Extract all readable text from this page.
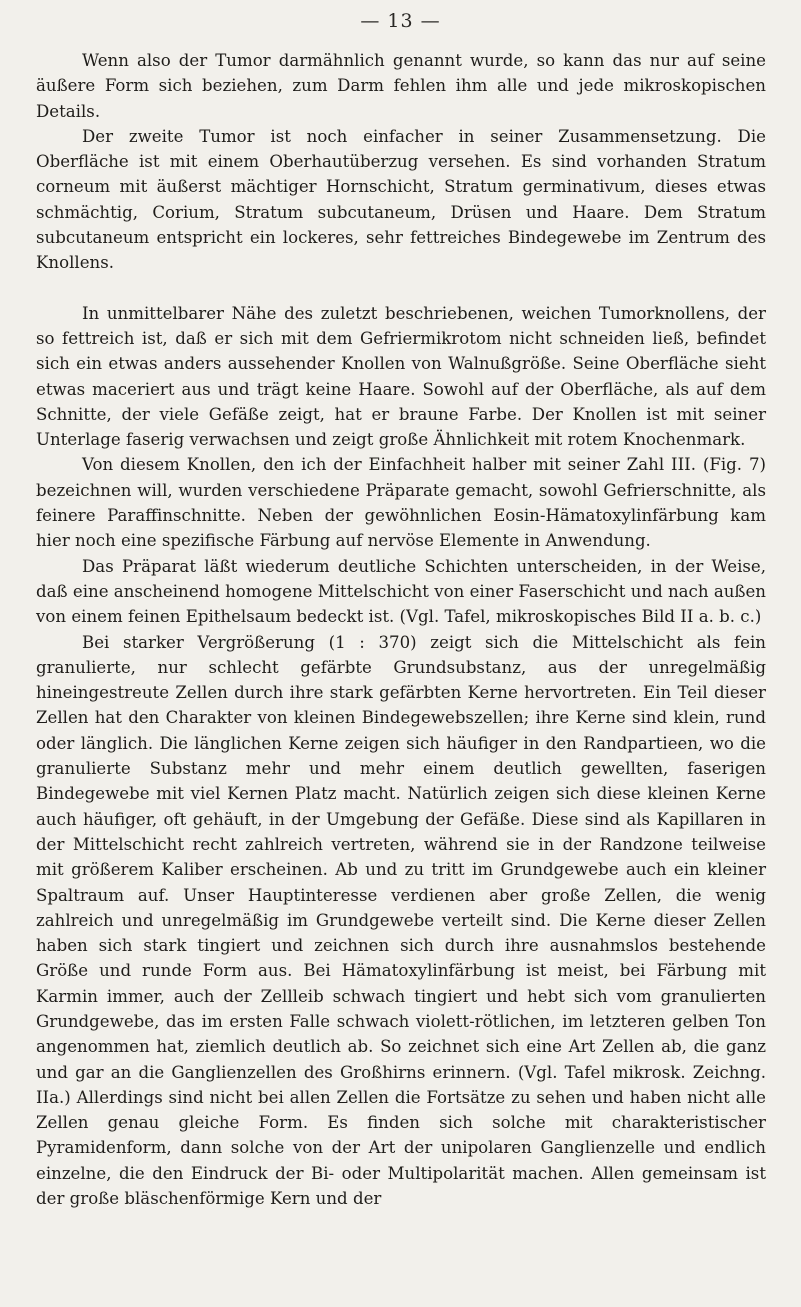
— 13 —

Wenn also der Tumor darmähnlich genannt wurde, so kann das nur auf seine äußere Form sich beziehen, zum Darm fehlen ihm alle und jede mikroskopischen Details.

Der zweite Tumor ist noch einfacher in seiner Zusammensetzung. Die Oberfläche ist mit einem Oberhautüberzug versehen. Es sind vorhanden Stratum corneum mit äußerst mächtiger Hornschicht, Stratum germinativum, dieses etwas schmächtig, Corium, Stratum subcutaneum, Drüsen und Haare. Dem Stratum subcutaneum entspricht ein lockeres, sehr fettreiches Bindegewebe im Zentrum des Knollens.

In unmittelbarer Nähe des zuletzt beschriebenen, weichen Tumorknollens, der so fettreich ist, daß er sich mit dem Gefriermikrotom nicht schneiden ließ, befindet sich ein etwas anders aussehender Knollen von Walnußgröße. Seine Oberfläche sieht etwas maceriert aus und trägt keine Haare. Sowohl auf der Oberfläche, als auf dem Schnitte, der viele Gefäße zeigt, hat er braune Farbe. Der Knollen ist mit seiner Unterlage faserig verwachsen und zeigt große Ähnlichkeit mit rotem Knochenmark.

Von diesem Knollen, den ich der Einfachheit halber mit seiner Zahl III. (Fig. 7) bezeichnen will, wurden verschiedene Präparate gemacht, sowohl Gefrierschnitte, als feinere Paraffinschnitte. Neben der gewöhnlichen Eosin-Hämatoxylinfärbung kam hier noch eine spezifische Färbung auf nervöse Elemente in Anwendung.

Das Präparat läßt wiederum deutliche Schichten unterscheiden, in der Weise, daß eine anscheinend homogene Mittelschicht von einer Faserschicht und nach außen von einem feinen Epithelsaum bedeckt ist. (Vgl. Tafel, mikroskopisches Bild II a. b. c.)

Bei starker Vergrößerung (1 : 370) zeigt sich die Mittelschicht als fein granulierte, nur schlecht gefärbte Grundsubstanz, aus der unregelmäßig hineingestreute Zellen durch ihre stark gefärbten Kerne hervortreten. Ein Teil dieser Zellen hat den Charakter von kleinen Bindegewebszellen; ihre Kerne sind klein, rund oder länglich. Die länglichen Kerne zeigen sich häufiger in den Randpartieen, wo die granulierte Substanz mehr und mehr einem deutlich gewellten, faserigen Bindegewebe mit viel Kernen Platz macht. Natürlich zeigen sich diese kleinen Kerne auch häufiger, oft gehäuft, in der Umgebung der Gefäße. Diese sind als Kapillaren in der Mittelschicht recht zahlreich vertreten, während sie in der Randzone teilweise mit größerem Kaliber erscheinen. Ab und zu tritt im Grundgewebe auch ein kleiner Spaltraum auf. Unser Hauptinteresse verdienen aber große Zellen, die wenig zahlreich und unregelmäßig im Grundgewebe verteilt sind. Die Kerne dieser Zellen haben sich stark tingiert und zeichnen sich durch ihre ausnahmslos bestehende Größe und runde Form aus. Bei Hämatoxylinfärbung ist meist, bei Färbung mit Karmin immer, auch der Zellleib schwach tingiert und hebt sich vom granulierten Grundgewebe, das im ersten Falle schwach violett-rötlichen, im letzteren gelben Ton angenommen hat, ziemlich deutlich ab. So zeichnet sich eine Art Zellen ab, die ganz und gar an die Ganglienzellen des Großhirns erinnern. (Vgl. Tafel mikrosk. Zeichng. IIa.) Allerdings sind nicht bei allen Zellen die Fortsätze zu sehen und haben nicht alle Zellen genau gleiche Form. Es finden sich solche mit charakteristischer Pyramidenform, dann solche von der Art der unipolaren Ganglienzelle und endlich einzelne, die den Eindruck der Bi- oder Multipolarität machen. Allen gemeinsam ist der große bläschenförmige Kern und der
